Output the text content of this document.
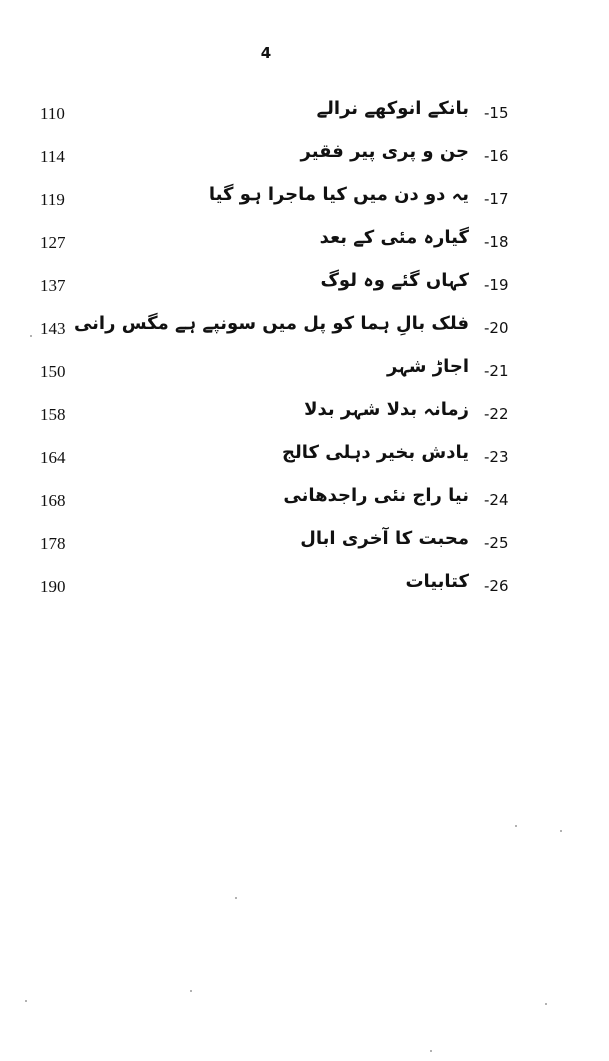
4
110	بانکے انوکھے نرالے -15
114	جن و پری پیر فقیر -16
119	یہ دو دن میں کیا ماجرا ہو گیا -17
127	گیارہ مئی کے بعد -18
137	کہاں گئے وہ لوگ -19
143 فلک بالِ ہما کو پل میں سونپے ہے مگس رانی -20
150	اجاڑ شہر -21
158	زمانہ بدلا شہر بدلا -22
164	یادش بخیر دہلی کالج -23
168	نیا راج نئی راجدھانی -24
178	محبت کا آخری ابال -25
190	کتابیات -26
